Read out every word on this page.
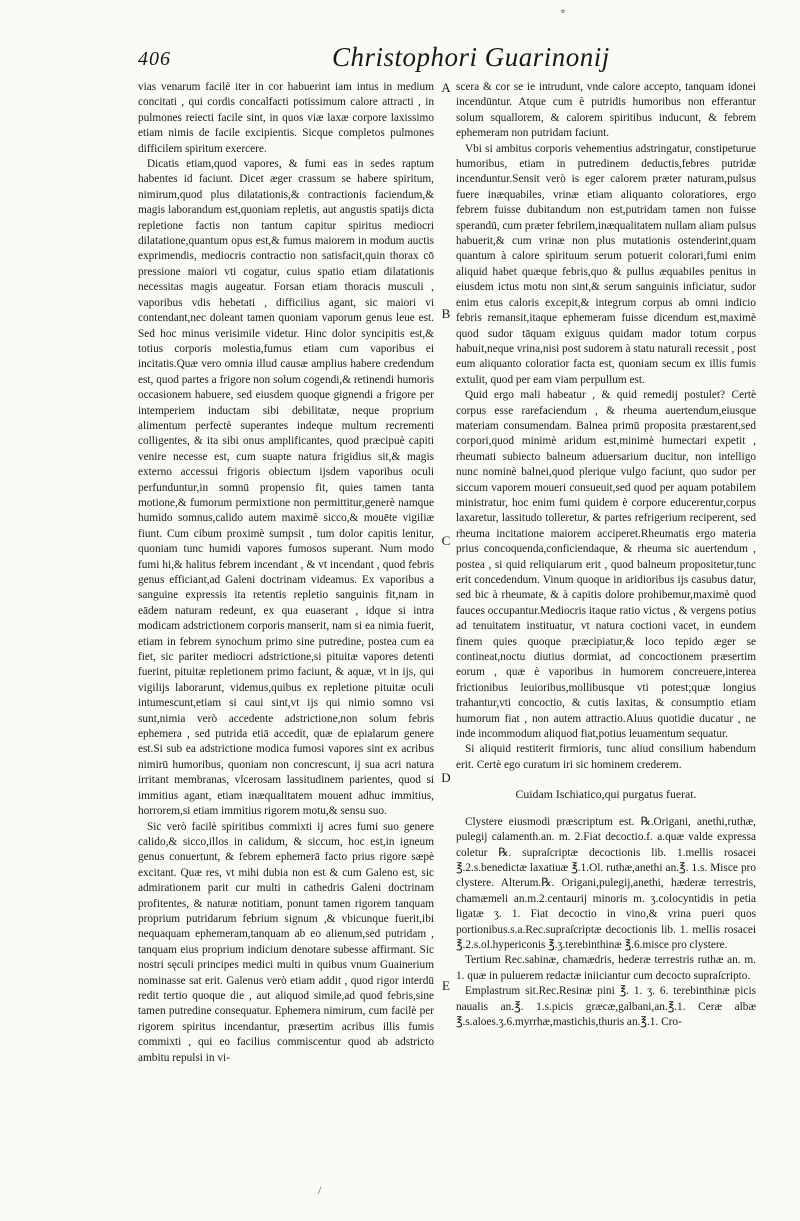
406	Christophori Guarinonij

vias venarum facilè iter in cor habuerint iam intus in medium concitati , qui cordis concalfacti potissimum calore attracti , in pulmones reiecti facile sint, in quos viæ laxæ corpore laxissimo etiam nimis de facile excipientis. Sicque completos pulmones difficilem spiritum exercere.

Dicatis etiam,quod vapores, & fumi eas in sedes raptum habentes id faciunt. Dicet æger crassum se habere spiritum, nimirum,quod plus dilatationis,& contractionis faciendum,& magis laborandum est,quoniam repletis, aut angustis spatijs dicta repletione factis non tantum capitur spiritus mediocri dilatatione,quantum opus est,& fumus maiorem in modum auctis exprimendis, mediocris contractio non satisfacit,quin thorax cō pressione maiori vti cogatur, cuius spatio etiam dilatationis necessitas magis augeatur. Forsan etiam thoracis musculi , vaporibus vdis hebetati , difficilius agant, sic maiori vi contendant,nec doleant tamen quoniam vaporum genus leue est. Sed hoc minus verisimile videtur. Hinc dolor syncipitis est,& totius corporis molestia,fumus etiam cum vaporibus ei incitatis.Quæ vero omnia illud causæ amplius habere credendum est, quod partes a frigore non solum cogendi,& retinendi humoris occasionem habuere, sed eiusdem quoque gignendi a frigore per intemperiem inductam sibi debilitatæ, neque proprium alimentum perfectè superantes indeque multum recrementi colligentes, & ita sibi onus amplificantes, quod præcipuè capiti venire necesse est, cum suapte natura frigidius sit,& magis externo accessui frigoris obiectum ijsdem vaporibus oculi perfunduntur,in somnū propensio fit, quies tamen tanta motione,& fumorum permixtione non permittitur,generè namque humido somnus,calido autem maximè sicco,& mouēte vigiliæ fiunt. Cum cibum proximè sumpsit , tum dolor capitis lenitur, quoniam tunc humidi vapores fumosos superant. Num modo fumi hi,& halitus febrem incendant , & vt incendant , quod febris genus efficiant,ad Galeni doctrinam videamus. Ex vaporibus a sanguine expressis ita retentis repletio sanguinis fit,nam in eādem naturam redeunt, ex qua euaserant , idque si intra modicam adstrictionem corporis manserit, nam si ea nimia fuerit, etiam in febrem synochum primo sine putredine, postea cum ea fiet, sic pariter mediocri adstrictione,si pituitæ vapores detenti fuerint, pituitæ repletionem primo faciunt, & aquæ, vt in ijs, qui vigilijs laborarunt, videmus,quibus ex repletione pituitæ oculi intumescunt,etiam si caui sint,vt ijs qui nimio somno vsi sunt,nimia verò accedente adstrictione,non solum febris ephemera , sed putrida etiā accedit, quæ de epialarum genere est.Si sub ea adstrictione modica fumosi vapores sint ex acribus nimirū humoribus, quoniam non concrescunt, ij sua acri natura irritant membranas, vlcerosam lassitudinem parientes, quod si immitius agant, etiam inæqualitatem mouent adhuc immitius, horrorem,si etiam immitius rigorem motu,& sensu suo.

Sic verò facilè spiritibus commixti ij acres fumi suo genere calido,& sicco,illos in calidum, & siccum, hoc est,in igneum genus conuertunt, & febrem ephemerā facto prius rigore sæpè excitant. Quæ res, vt mihi dubia non est & cum Galeno est, sic admirationem parit cur multi in cathedris Galeni doctrinam profitentes, & naturæ notitiam, ponunt tamen rigorem tanquam proprium putridarum febrium signum ,& vbicunque fuerit,ibi nequaquam ephemeram,tanquam ab eo alienum,sed putridam , tanquam eius proprium indicium denotare subesse affirmant. Sic nostri sęculi principes medici multi in quibus vnum Guainerium nominasse sat erit. Galenus verò etiam addit , quod rigor interdū redit tertio quoque die , aut aliquod simile,ad quod febris,sine tamen putredine consequatur. Ephemera nimirum, cum facilè per rigorem spiritus incendantur, præsertim acribus illis fumis commixti , qui eo facilius commiscentur quod ab adstricto ambitu repulsi in vi-

A
B
C
D
E

scera & cor se ie intrudunt, vnde calore accepto, tanquam idonei incendūntur. Atque cum è putridis humoribus non efferantur solum squallorem, & calorem spiritibus inducunt, & febrem ephemeram non putridam faciunt.

Vbi si ambitus corporis vehementius adstringatur, constipeturue humoribus, etiam in putredinem deductis,febres putridæ incenduntur.Sensit verò is eger calorem præter naturam,pulsus fuere inæquabiles, vrinæ etiam aliquanto coloratiores, ergo febrem fuisse dubitandum non est,putridam tamen non fuisse sperandū, cum præter febrilem,inæqualitatem nullam aliam pulsus habuerit,& cum vrinæ non plus mutationis ostenderint,quam quantum à calore spirituum serum potuerit colorari,fumi enim aliquid habet quæque febris,quo & pullus æquabiles penitus in eiusdem ictus motu non sint,& serum sanguinis inficiatur, sudor enim etus caloris excepit,& integrum corpus ab omni indicio febris remansit,itaque ephemeram fuisse dicendum est,maximè quod sudor tāquam exiguus quidam mador totum corpus habuit,neque vrina,nisi post sudorem à statu naturali recessit , post eum aliquanto coloratior facta est, quoniam secum ex illis fumis extulit, quod per eam viam perpullum est.

Quid ergo mali habeatur , & quid remedij postulet? Certè corpus esse rarefaciendum , & rheuma auertendum,eiusque materiam consumendam. Balnea primū proposita præstarent,sed corpori,quod minimè aridum est,minimè humectari expetit , rheumati subiecto balneum aduersarium ducitur, non intelligo nunc nominè balnei,quod plerique vulgo faciunt, quo sudor per siccum vaporem moueri consueuit,sed quod per aquam potabilem ministratur, hoc enim fumi quidem è corpore educerentur,corpus laxaretur, lassitudo tolleretur, & partes refrigerium reciperent, sed rheuma incitatione maiorem acciperet.Rheumatis ergo materia prius concoquenda,conficiendaque, & rheuma sic auertendum , postea , si quid reliquiarum erit , quod balneum propositetur,tunc erit concedendum. Vinum quoque in aridioribus ijs casubus datur, sed bic à rheumate, & à capitis dolore prohibemur,maximè quod fauces occupantur.Mediocris itaque ratio victus , & vergens potius ad tenuitatem instituatur, vt natura coctioni vacet, in eundem finem quies quoque præcipiatur,& loco tepido æger se contineat,noctu diutius dormiat, ad concoctionem præsertim eorum , quæ è vaporibus in humorem concreuere,interea frictionibus leuioribus,mollibusque vti potest;quæ longius trahantur,vti concoctio, & cutis laxitas, & consumptio etiam humorum fiat , non autem attractio.Aluus quotidie ducatur , ne inde incommodum aliquod fiat,potius leuamentum sequatur.

Si aliquid restiterit firmioris, tunc aliud consilium habendum erit. Certè ego curatum iri sic hominem crederem.

Cuidam Ischiatico,qui purgatus fuerat.

Clystere eiusmodi præscriptum est. ℞.Origani, anethi,ruthæ, pulegij calamenth.an. m. 2.Fiat decoctio.f. a.quæ valde expressa coletur ℞. supraſcriptæ decoctionis lib. 1.mellis rosacei ℥.2.s.benedictæ laxatiuæ ℥.1.Ol. ruthæ,anethi an.℥. 1.s. Misce pro clystere. Alterum.℞. Origani,pulegij,anethi, hæderæ terrestris, chamæmeli an.m.2.centaurij minoris m. ʒ.colocyntidis in petia ligatæ ʒ. 1. Fiat decoctio in vino,& vrina pueri quos portionibus.s.a.Rec.supraſcriptæ decoctionis lib. 1. mellis rosacei ℥.2.s.ol.hypericonis ℥.ʒ.terebinthinæ ℥.6.misce pro clystere.

Tertium Rec.sabinæ, chamædris, hederæ terrestris ruthæ an. m. 1. quæ in puluerem redactæ iniiciantur cum decocto supraſcripto.

Emplastrum sit.Rec.Resinæ pini ℥. 1. ʒ. 6. terebinthinæ picis naualis an.℥. 1.s.picis græcæ,galbani,an.℥.1. Ceræ albæ ℥.s.aloes.ʒ.6.myrrhæ,mastichis,thuris an.℥.1. Cro-

∘
/
